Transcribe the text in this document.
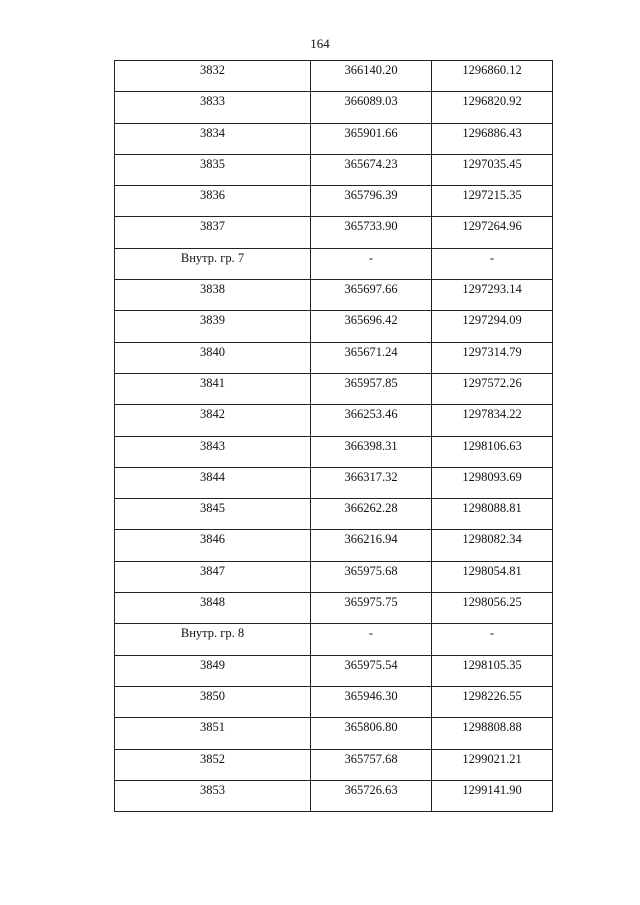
164
3832	366140.20	1296860.12

3833	366089.03	1296820.92

3834	365901.66	1296886.43

3835	365674.23	1297035.45

3836	365796.39	1297215.35

3837	365733.90	1297264.96

Внутр. гр. 7	-	-

3838	365697.66	1297293.14

3839	365696.42	1297294.09

3840	365671.24	1297314.79

3841	365957.85	1297572.26

3842	366253.46	1297834.22

3843	366398.31	1298106.63

3844	366317.32	1298093.69

3845	366262.28	1298088.81

3846	366216.94	1298082.34

3847	365975.68	1298054.81

3848	365975.75	1298056.25

Внутр. гр. 8	-	-

3849	365975.54	1298105.35

3850	365946.30	1298226.55

3851	365806.80	1298808.88

3852	365757.68	1299021.21

3853	365726.63	1299141.90
